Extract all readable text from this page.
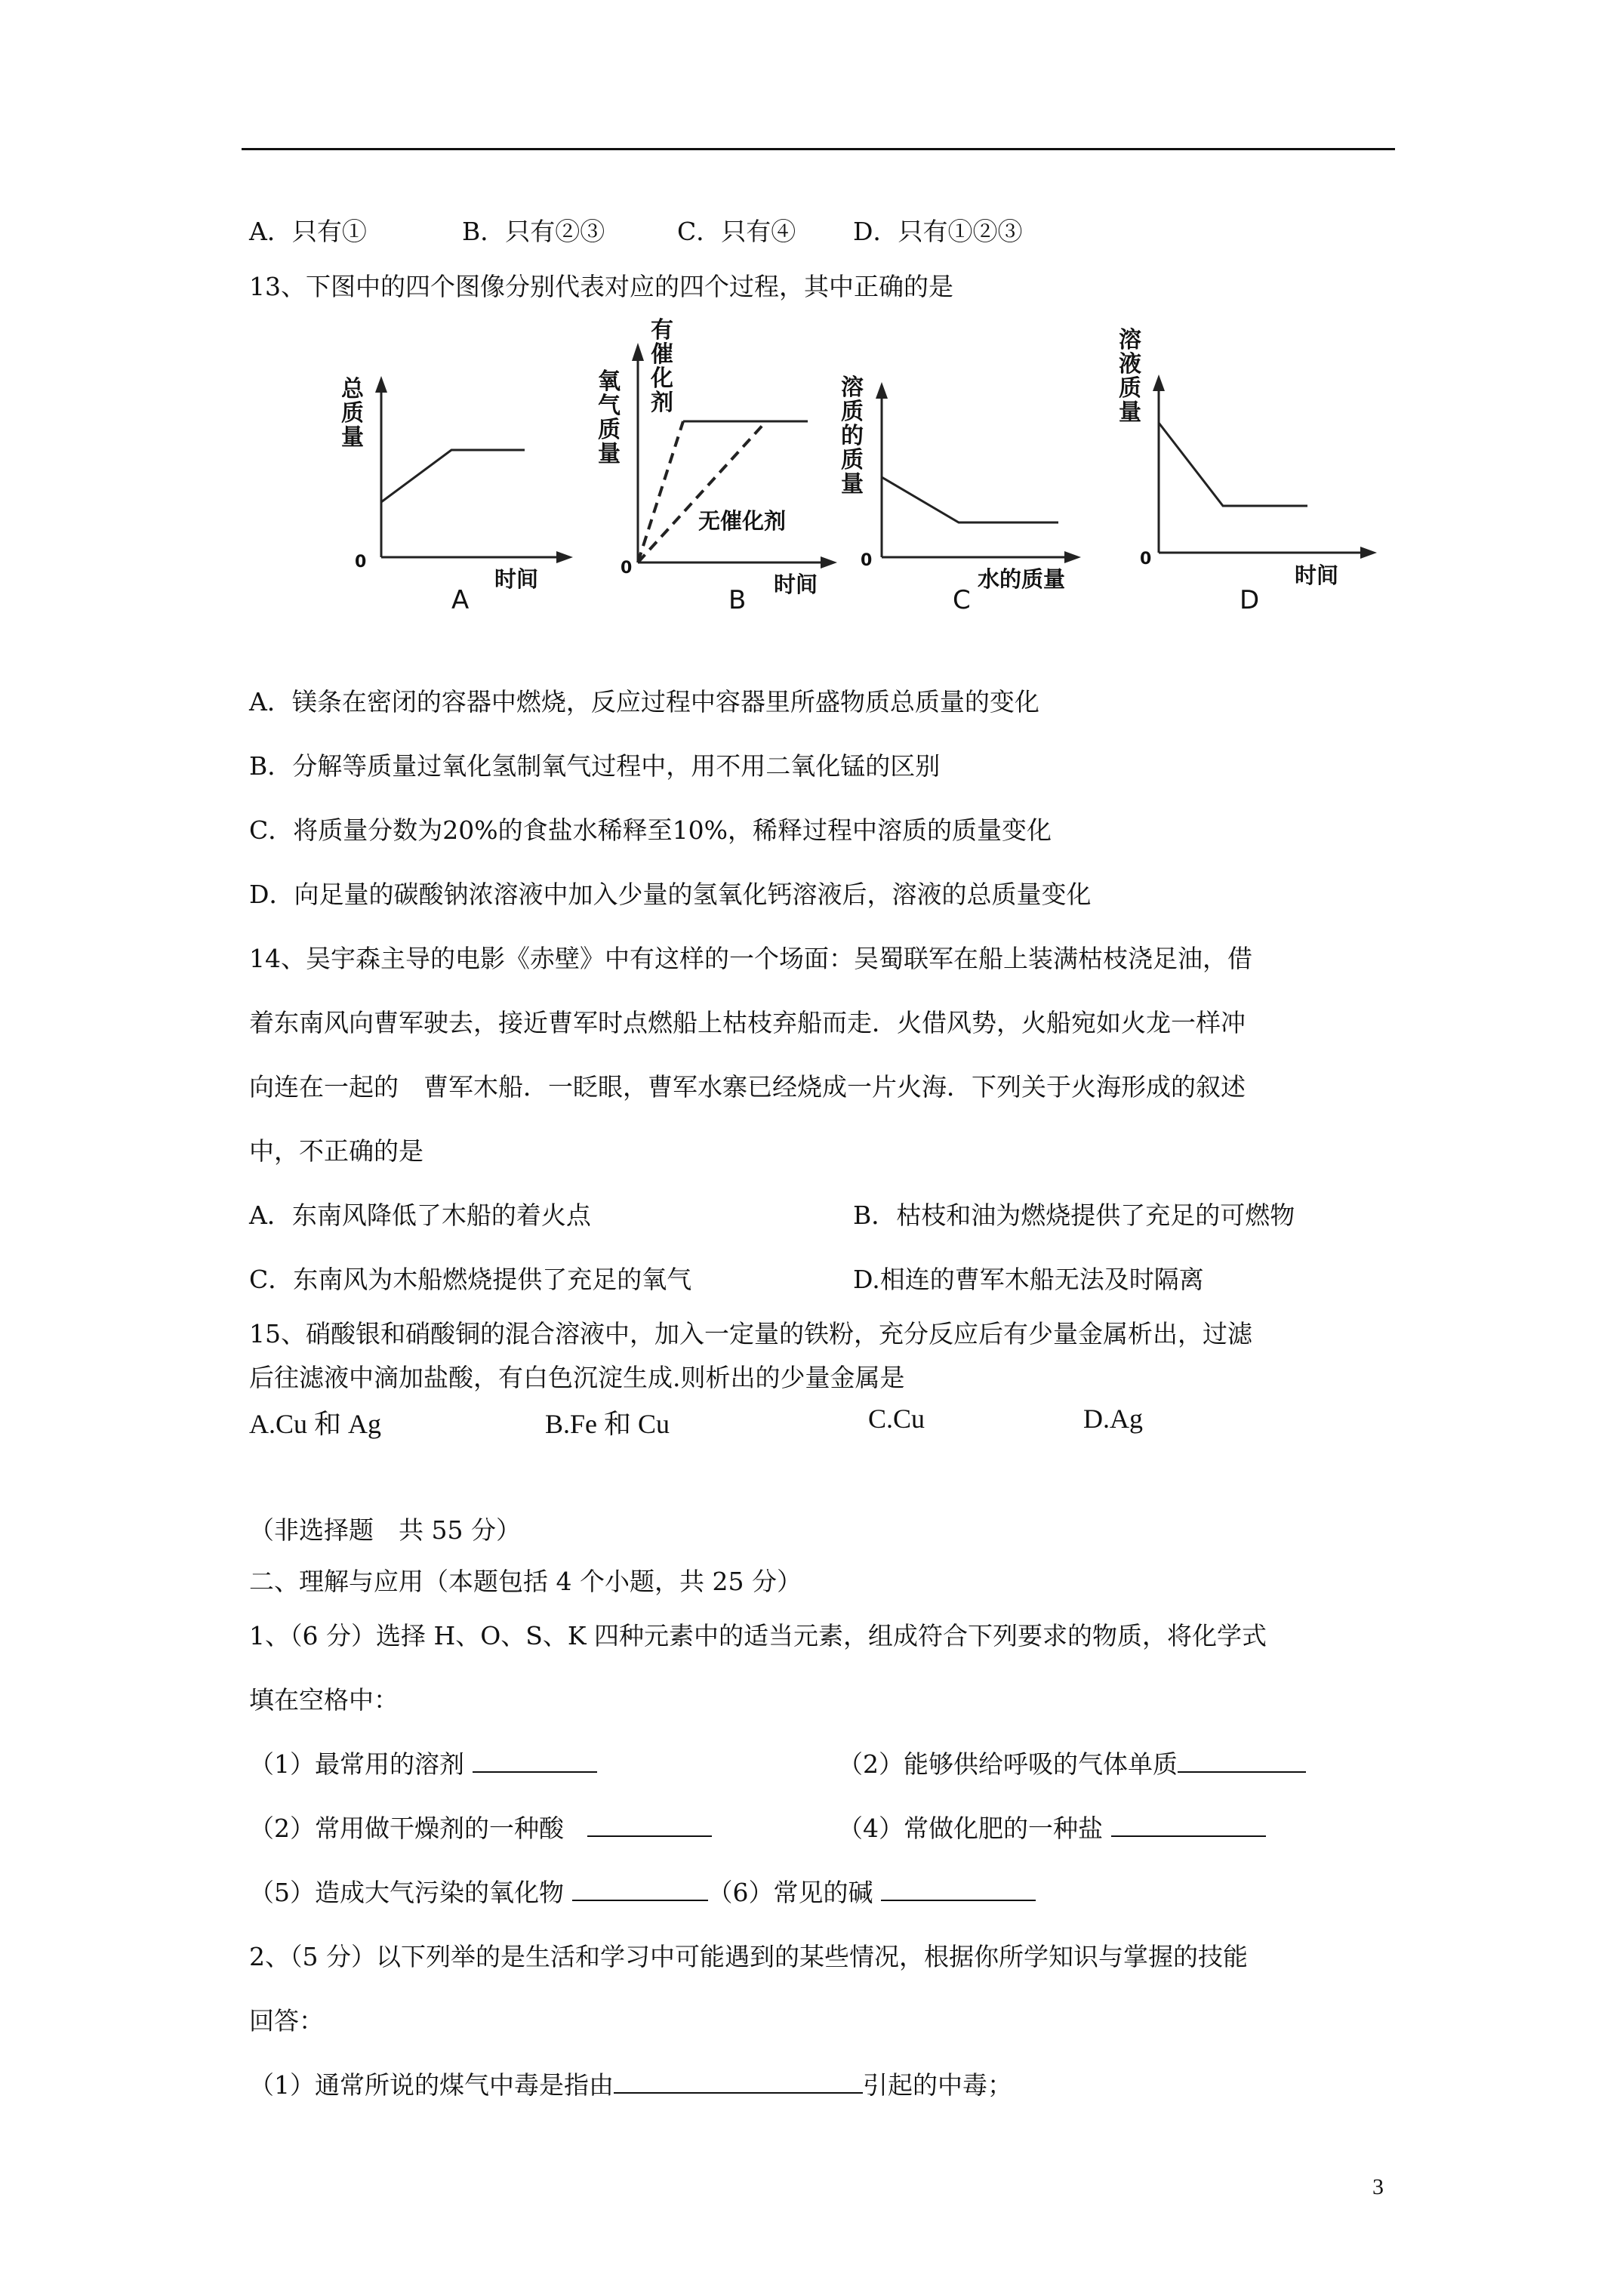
A．只有①	B．只有②③	C．只有④ D．只有①②③
13、下图中的四个图像分别代表对应的四个过程，其中正确的是
总质量
0
时间
A
氧气质量
有催化剂
无催化剂
0
B
时间
溶质的质量
0
水的质量
C
溶液质量
0
时间
D
A．镁条在密闭的容器中燃烧，反应过程中容器里所盛物质总质量的变化
B．分解等质量过氧化氢制氧气过程中，用不用二氧化锰的区别
C．将质量分数为20%的食盐水稀释至10%，稀释过程中溶质的质量变化
D．向足量的碳酸钠浓溶液中加入少量的氢氧化钙溶液后，溶液的总质量变化
14、吴宇森主导的电影《赤壁》中有这样的一个场面：吴蜀联军在船上装满枯枝浇足油，借
着东南风向曹军驶去，接近曹军时点燃船上枯枝弃船而走．火借风势，火船宛如火龙一样冲
向连在一起的　曹军木船．一眨眼，曹军水寨已经烧成一片火海．下列关于火海形成的叙述
中，不正确的是
A．东南风降低了木船的着火点	B．枯枝和油为燃烧提供了充足的可燃物
C．东南风为木船燃烧提供了充足的氧气	D.相连的曹军木船无法及时隔离
15、硝酸银和硝酸铜的混合溶液中，加入一定量的铁粉，充分反应后有少量金属析出，过滤
后往滤液中滴加盐酸，有白色沉淀生成.则析出的少量金属是
A.Cu 和 Ag	B.Fe 和 Cu	C.Cu	D.Ag
（非选择题　共 55 分）
二、理解与应用（本题包括 4 个小题，共 25 分）
1、（6 分）选择 H、O、S、K 四种元素中的适当元素，组成符合下列要求的物质，将化学式
填在空格中：
（1）最常用的溶剂	（2）能够供给呼吸的气体单质
（2）常用做干燥剂的一种酸	（4）常做化肥的一种盐
（5）造成大气污染的氧化物	（6）常见的碱
2、（5 分）以下列举的是生活和学习中可能遇到的某些情况，根据你所学知识与掌握的技能
回答：
（1）通常所说的煤气中毒是指由	引起的中毒；
3
